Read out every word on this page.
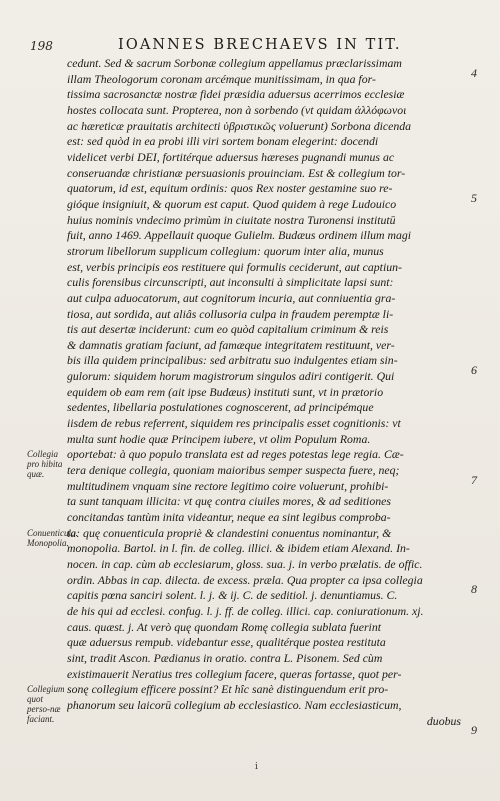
198	IOANNES BRECHAEVS IN TIT.
cedunt. Sed & sacrum Sorbonæ collegium appellamus præclarissimam
illam Theologorum coronam arcémque munitissimam, in qua for-
tissima sacrosanctæ nostræ fidei præsidia aduersus acerrimos ecclesiæ
hostes collocata sunt. Propterea, non à sorbendo (vt quidam ἀλλόφωνοι
ac hæreticæ prauitatis architecti ὑβριστικῶς voluerunt) Sorbona dicenda
est: sed quòd in ea probi illi viri sortem bonam elegerint: docendi
videlicet verbi DEI, fortitérque aduersus hæreses pugnandi munus ac
conseruandæ christianæ persuasionis prouinciam. Est & collegium tor-
quatorum, id est, equitum ordinis: quos Rex noster gestamine suo re-
gióque insigniuit, & quorum est caput. Quod quidem à rege Ludouico
huius nominis vndecimo primùm in ciuitate nostra Turonensi institutū
fuit, anno 1469. Appellauit quoque Gulielm. Budæus ordinem illum magi
strorum libellorum supplicum collegium: quorum inter alia, munus
est, verbis principis eos restituere qui formulis ceciderunt, aut captiun-
culis forensibus circunscripti, aut inconsulti à simplicitate lapsi sunt:
aut culpa aduocatorum, aut cognitorum incuria, aut conniuentia gra-
tiosa, aut sordida, aut aliâs collusoria culpa in fraudem peremptæ li-
tis aut desertæ inciderunt: cum eo quòd capitalium criminum & reis
& damnatis gratiam faciunt, ad famæque integritatem restituunt, ver-
bis illa quidem principalibus: sed arbitratu suo indulgentes etiam sin-
gulorum: siquidem horum magistrorum singulos adiri contigerit. Qui
equidem ob eam rem (ait ipse Budæus) instituti sunt, vt in prætorio
sedentes, libellaria postulationes cognoscerent, ad principémque
iisdem de rebus referrent, siquidem res principalis esset cognitionis: vt
multa sunt hodie quæ Principem iubere, vt olim Populum Roma.
oportebat: à quo populo translata est ad reges potestas lege regia. Cæ-
tera denique collegia, quoniam maioribus semper suspecta fuere, neq;
multitudinem vnquam sine rectore legitimo coire voluerunt, prohibi-
ta sunt tanquam illicita: vt quę contra ciuiles mores, & ad seditiones
concitandas tantùm inita videantur, neque ea sint legibus comproba-
ta: quę conuenticula propriè & clandestini conuentus nominantur, &
monopolia. Bartol. in l. fin. de colleg. illici. & ibidem etiam Alexand. In-
nocen. in cap. cùm ab ecclesiarum, gloss. sua. j. in verbo prælatis. de offic.
ordin. Abbas in cap. dilecta. de excess. præla. Qua propter ca ipsa collegia
capitis pœna sanciri solent. l. j. & ij. C. de seditiol. j. denuntiamus. C.
de his qui ad ecclesi. confug. l. j. ff. de colleg. illici. cap. coniurationum. xj.
caus. quæst. j. At verò quę quondam Romę collegia sublata fuerint
quæ aduersus rempub. videbantur esse, qualitérque postea restituta
sint, tradit Ascon. Pædianus in oratio. contra L. Pisonem. Sed cùm
existimauerit Neratius tres collegium facere, queras fortasse, quot per-
sonę collegium efficere possint? Et hîc sanè distinguendum erit pro-
phanorum seu laicorū collegium ab ecclesiastico. Nam ecclesiasticum,
duobus
Collegia pro hibita quæ.
Conuenticula. Monopolia.
Collegium quot perso-næ faciant.
4
5
6
7
8
9
i
